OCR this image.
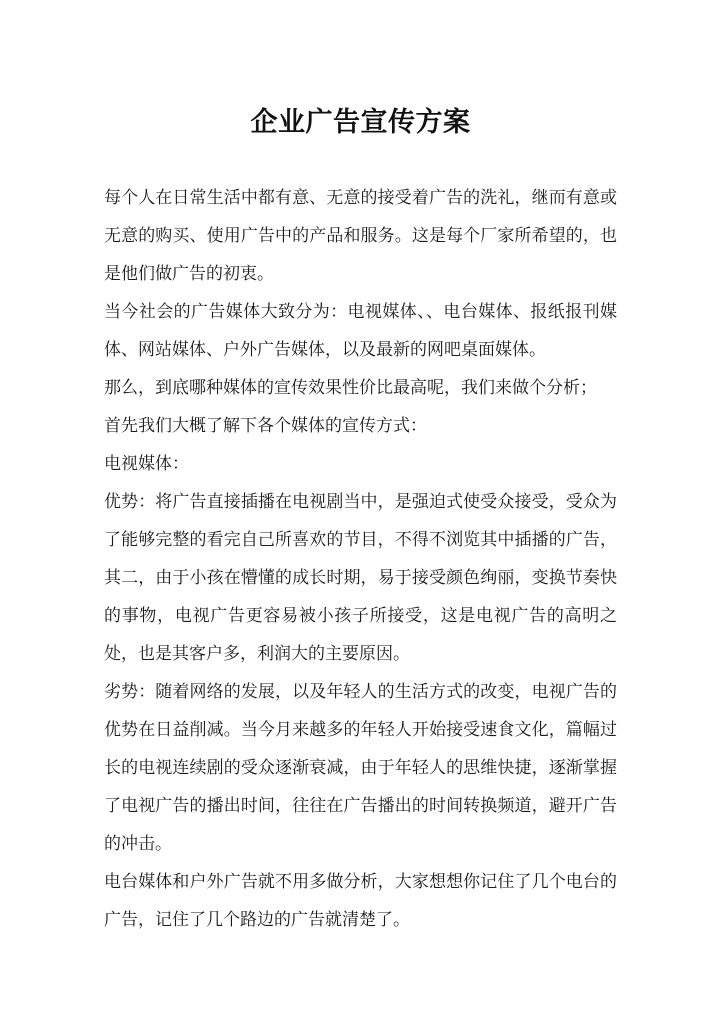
企业广告宣传方案

每个人在日常生活中都有意、无意的接受着广告的洗礼，继而有意或无意的购买、使用广告中的产品和服务。这是每个厂家所希望的，也是他们做广告的初衷。

当今社会的广告媒体大致分为：电视媒体、、电台媒体、报纸报刊媒体、网站媒体、户外广告媒体，以及最新的网吧桌面媒体。

那么，到底哪种媒体的宣传效果性价比最高呢，我们来做个分析；

首先我们大概了解下各个媒体的宣传方式：

电视媒体：

优势：将广告直接插播在电视剧当中，是强迫式使受众接受，受众为了能够完整的看完自己所喜欢的节目，不得不浏览其中插播的广告，其二，由于小孩在懵懂的成长时期，易于接受颜色绚丽，变换节奏快的事物，电视广告更容易被小孩子所接受，这是电视广告的高明之处，也是其客户多，利润大的主要原因。

劣势：随着网络的发展，以及年轻人的生活方式的改变，电视广告的优势在日益削减。当今月来越多的年轻人开始接受速食文化，篇幅过长的电视连续剧的受众逐渐衰减，由于年轻人的思维快捷，逐渐掌握了电视广告的播出时间，往往在广告播出的时间转换频道，避开广告的冲击。

电台媒体和户外广告就不用多做分析，大家想想你记住了几个电台的广告，记住了几个路边的广告就清楚了。
